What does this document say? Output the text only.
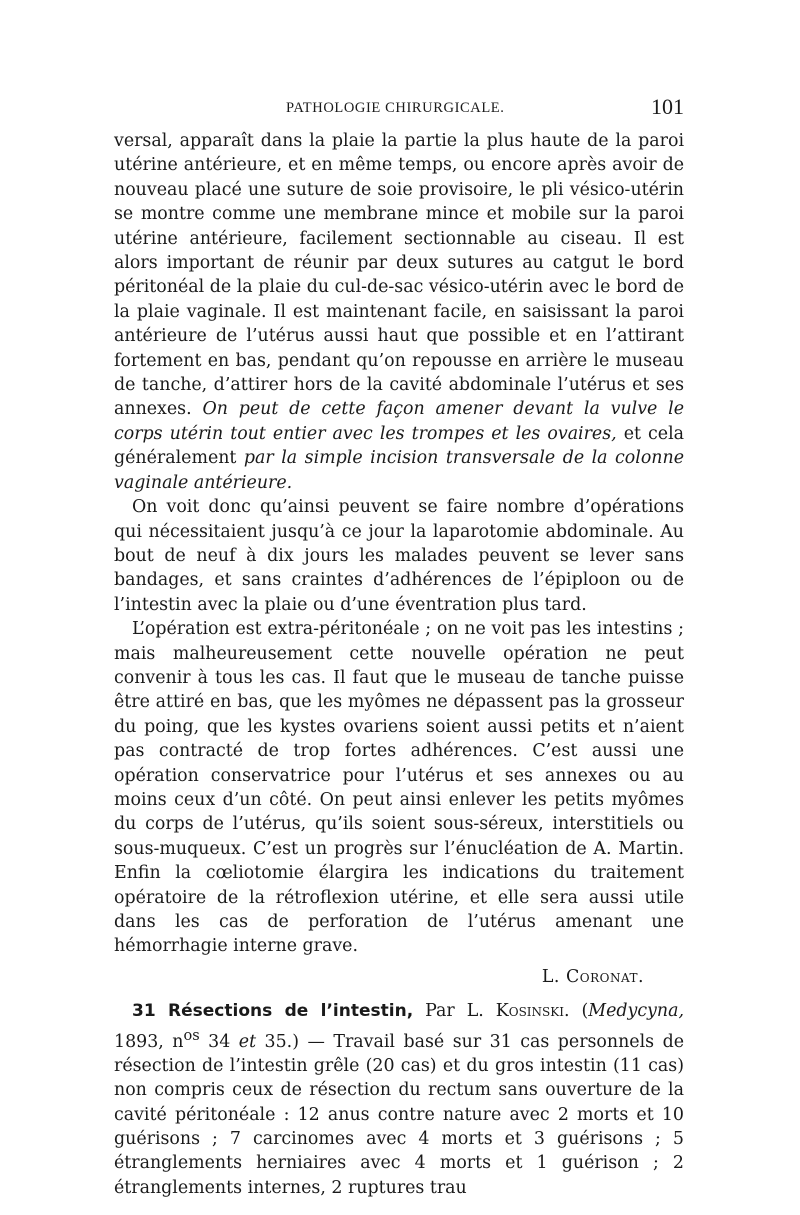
PATHOLOGIE CHIRURGICALE.	101

versal, apparaît dans la plaie la partie la plus haute de la paroi utérine antérieure, et en même temps, ou encore après avoir de nouveau placé une suture de soie provisoire, le pli vésico-utérin se montre comme une membrane mince et mobile sur la paroi utérine antérieure, facilement sectionnable au ciseau. Il est alors important de réunir par deux sutures au catgut le bord péritonéal de la plaie du cul-de-sac vésico-utérin avec le bord de la plaie vaginale. Il est maintenant facile, en saisissant la paroi antérieure de l’utérus aussi haut que possible et en l’attirant fortement en bas, pendant qu’on repousse en arrière le museau de tanche, d’attirer hors de la cavité abdominale l’utérus et ses annexes. On peut de cette façon amener devant la vulve le corps utérin tout entier avec les trompes et les ovaires, et cela généralement par la simple incision transversale de la colonne vaginale antérieure.

On voit donc qu’ainsi peuvent se faire nombre d’opérations qui nécessitaient jusqu’à ce jour la laparotomie abdominale. Au bout de neuf à dix jours les malades peuvent se lever sans bandages, et sans craintes d’adhérences de l’épiploon ou de l’intestin avec la plaie ou d’une éventration plus tard.

L’opération est extra-péritonéale ; on ne voit pas les intestins ; mais malheureusement cette nouvelle opération ne peut convenir à tous les cas. Il faut que le museau de tanche puisse être attiré en bas, que les myômes ne dépassent pas la grosseur du poing, que les kystes ovariens soient aussi petits et n’aient pas contracté de trop fortes adhérences. C’est aussi une opération conservatrice pour l’utérus et ses annexes ou au moins ceux d’un côté. On peut ainsi enlever les petits myômes du corps de l’utérus, qu’ils soient sous-séreux, interstitiels ou sous-muqueux. C’est un progrès sur l’énucléation de A. Martin. Enfin la cœliotomie élargira les indications du traitement opératoire de la rétroflexion utérine, et elle sera aussi utile dans les cas de perforation de l’utérus amenant une hémorrhagie interne grave.

L. Coronat.

31 Résections de l’intestin, Par L. Kosinski. (Medycyna, 1893, $n^{os}$ 34 et 35.) — Travail basé sur 31 cas personnels de résection de l’intestin grêle (20 cas) et du gros intestin (11 cas) non compris ceux de résection du rectum sans ouverture de la cavité péritonéale : 12 anus contre nature avec 2 morts et 10 guérisons ; 7 carcinomes avec 4 morts et 3 guérisons ; 5 étranglements herniaires avec 4 morts et 1 guérison ; 2 étranglements internes, 2 ruptures trau
